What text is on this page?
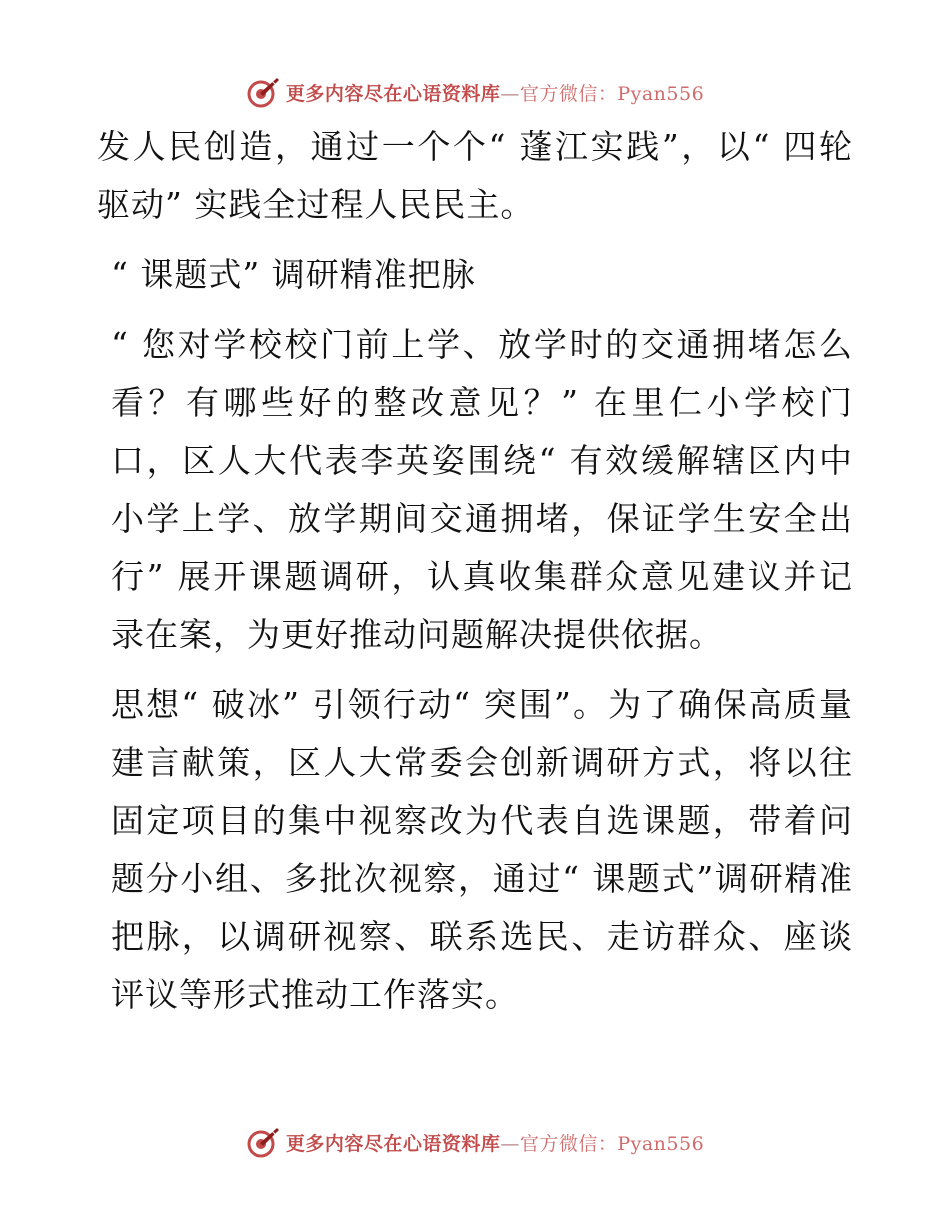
更多内容尽在心语资料库—官方微信：Pyan556

发人民创造，通过一个个“ 蓬江实践”，以“ 四轮驱动” 实践全过程人民民主。

“ 课题式” 调研精准把脉

“ 您对学校校门前上学、放学时的交通拥堵怎么看？有哪些好的整改意见？” 在里仁小学校门口，区人大代表李英姿围绕“ 有效缓解辖区内中小学上学、放学期间交通拥堵，保证学生安全出行” 展开课题调研，认真收集群众意见建议并记录在案，为更好推动问题解决提供依据。

思想“ 破冰” 引领行动“ 突围”。为了确保高质量建言献策，区人大常委会创新调研方式，将以往固定项目的集中视察改为代表自选课题，带着问题分小组、多批次视察，通过“ 课题式”调研精准把脉，以调研视察、联系选民、走访群众、座谈评议等形式推动工作落实。

更多内容尽在心语资料库—官方微信：Pyan556
